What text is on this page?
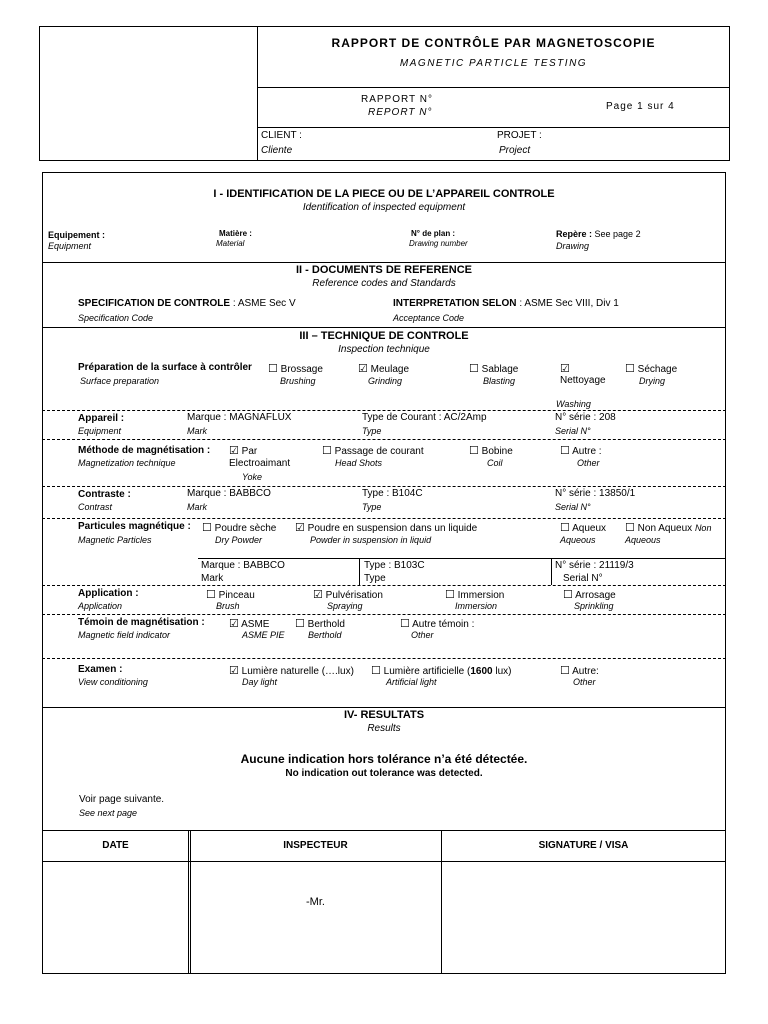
RAPPORT DE CONTRÔLE PAR MAGNETOSCOPIE
MAGNETIC PARTICLE TESTING
RAPPORT N°
REPORT N°
Page 1 sur 4
CLIENT :
Cliente
PROJET :
Project
I - IDENTIFICATION DE LA PIECE OU DE L’APPAREIL CONTROLE
Identification of inspected equipment
Equipement :
Equipment
Matière :
Material
N° de plan :
Drawing number
Repère : See page 2
Drawing
II - DOCUMENTS DE REFERENCE
Reference codes and Standards
SPECIFICATION DE CONTROLE : ASME Sec V
Specification Code
INTERPRETATION SELON : ASME Sec VIII, Div 1
Acceptance Code
III – TECHNIQUE DE CONTROLE
Inspection technique
Préparation de la surface à contrôler
Surface preparation
☐ Brossage
Brushing
☑ Meulage
Grinding
☐ Sablage
Blasting
☑
Nettoyage
Washing
☐ Séchage
Drying
Appareil :
Equipment
Marque : MAGNAFLUX
Mark
Type de Courant : AC/2Amp
Type
N° série : 208
Serial N°
Méthode de magnétisation :
Magnetization technique
☑ Par
Electroaimant
Yoke
☐ Passage de courant
Head Shots
☐ Bobine
Coil
☐ Autre :
Other
Contraste :
Contrast
Marque : BABBCO
Mark
Type : B104C
Type
N° série : 13850/1
Serial N°
Particules magnétique :
Magnetic Particles
☐ Poudre sèche
Dry Powder
☑ Poudre en suspension dans un liquide
Powder in suspension in liquid
☐ Aqueux
Aqueous
☐ Non Aqueux Non
Aqueous
Marque : BABBCO
Mark
Type : B103C
Type
N° série : 21119/3
Serial N°
Application :
Application
☐ Pinceau
Brush
☑ Pulvérisation
Spraying
☐ Immersion
Immersion
☐ Arrosage
Sprinkling
Témoin de magnétisation :
Magnetic field indicator
☑ ASME
ASME PIE
☐ Berthold
Berthold
☐ Autre témoin :
Other
Examen :
View conditioning
☑ Lumière naturelle (….lux)
Day light
☐ Lumière artificielle (1600 lux)
Artificial light
☐ Autre:
Other
IV- RESULTATS
Results
Aucune indication hors tolérance n’a été détectée.
No indication out tolerance was detected.
Voir page suivante.
See next page
DATE	INSPECTEUR	SIGNATURE / VISA
-Mr.
